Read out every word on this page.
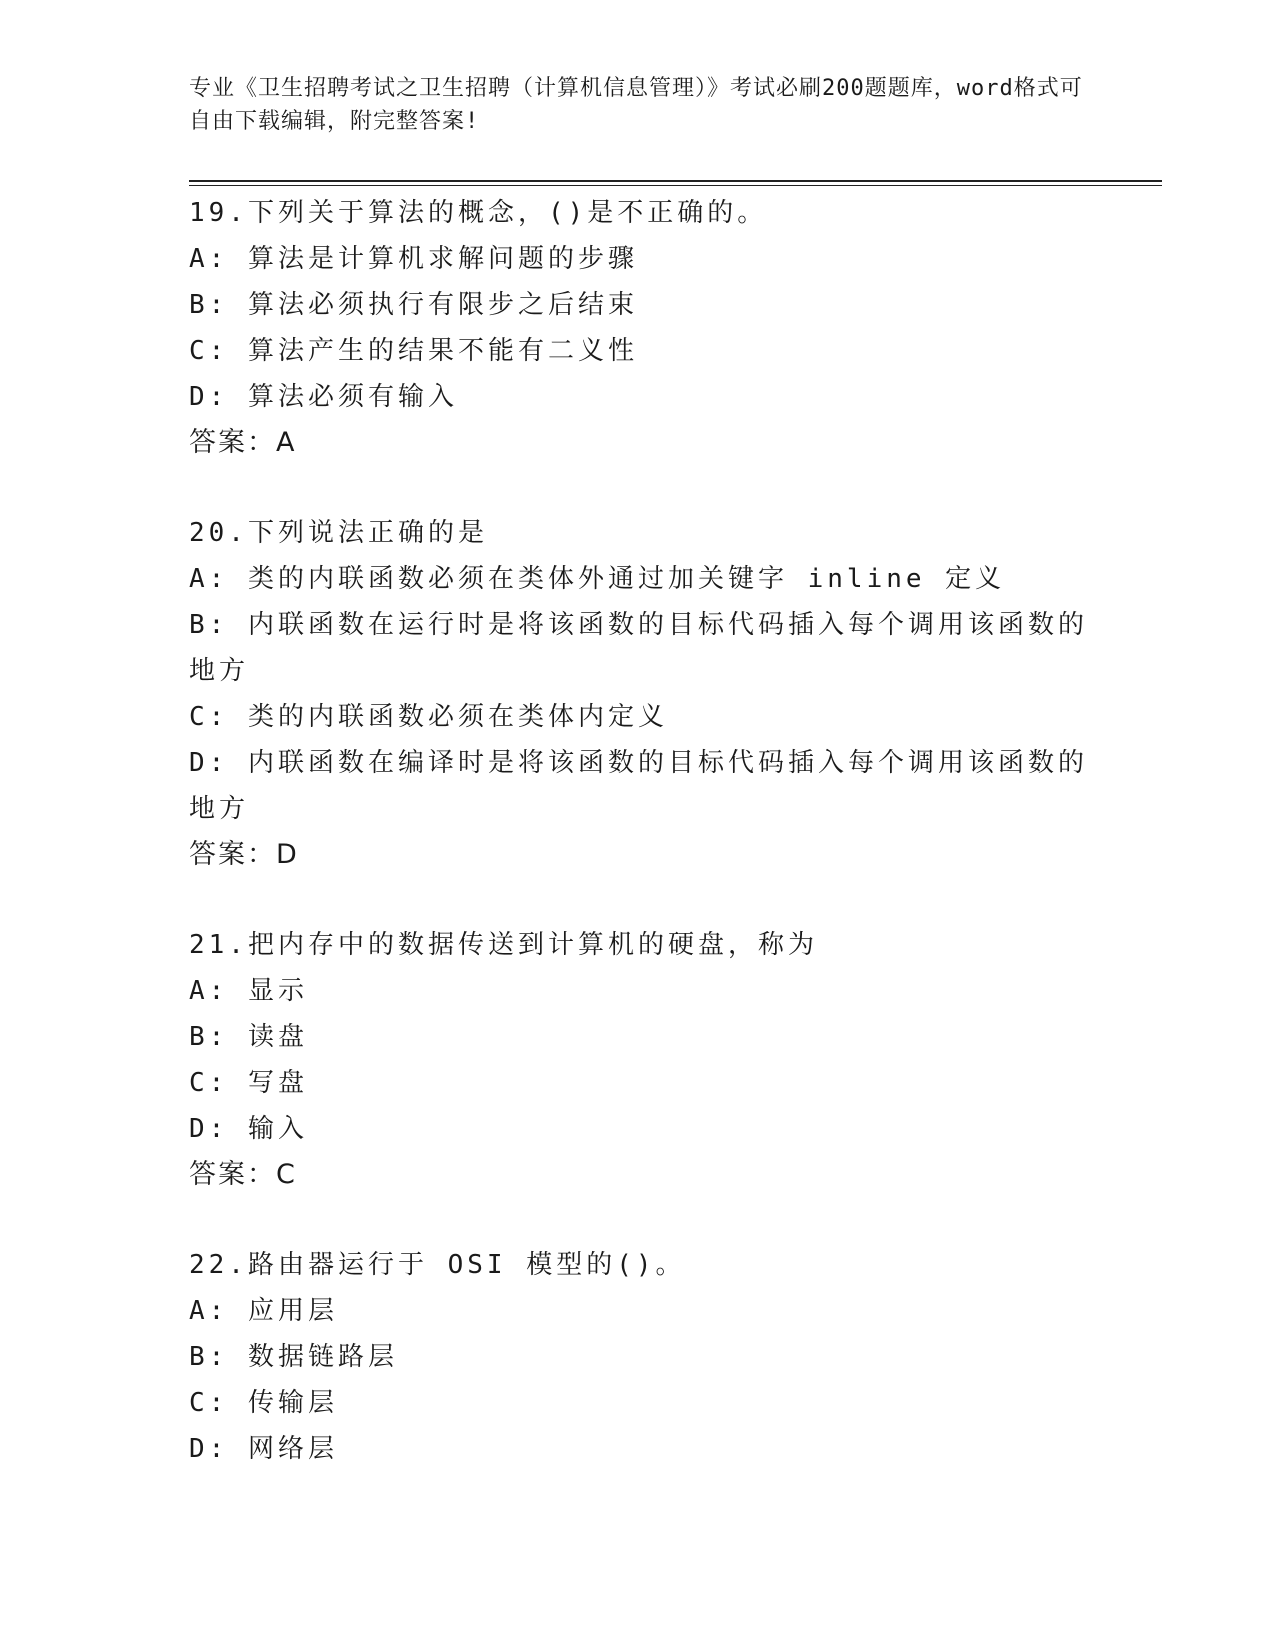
专业《卫生招聘考试之卫生招聘（计算机信息管理）》考试必刷200题题库，word格式可自由下载编辑，附完整答案!

19.下列关于算法的概念，()是不正确的。

A: 算法是计算机求解问题的步骤

B: 算法必须执行有限步之后结束

C: 算法产生的结果不能有二义性

D: 算法必须有输入

答案：A

20.下列说法正确的是

A: 类的内联函数必须在类体外通过加关键字 inline 定义

B: 内联函数在运行时是将该函数的目标代码插入每个调用该函数的地方

C: 类的内联函数必须在类体内定义

D: 内联函数在编译时是将该函数的目标代码插入每个调用该函数的地方

答案：D

21.把内存中的数据传送到计算机的硬盘，称为

A: 显示

B: 读盘

C: 写盘

D: 输入

答案：C

22.路由器运行于 OSI 模型的()。

A: 应用层

B: 数据链路层

C: 传输层

D: 网络层
